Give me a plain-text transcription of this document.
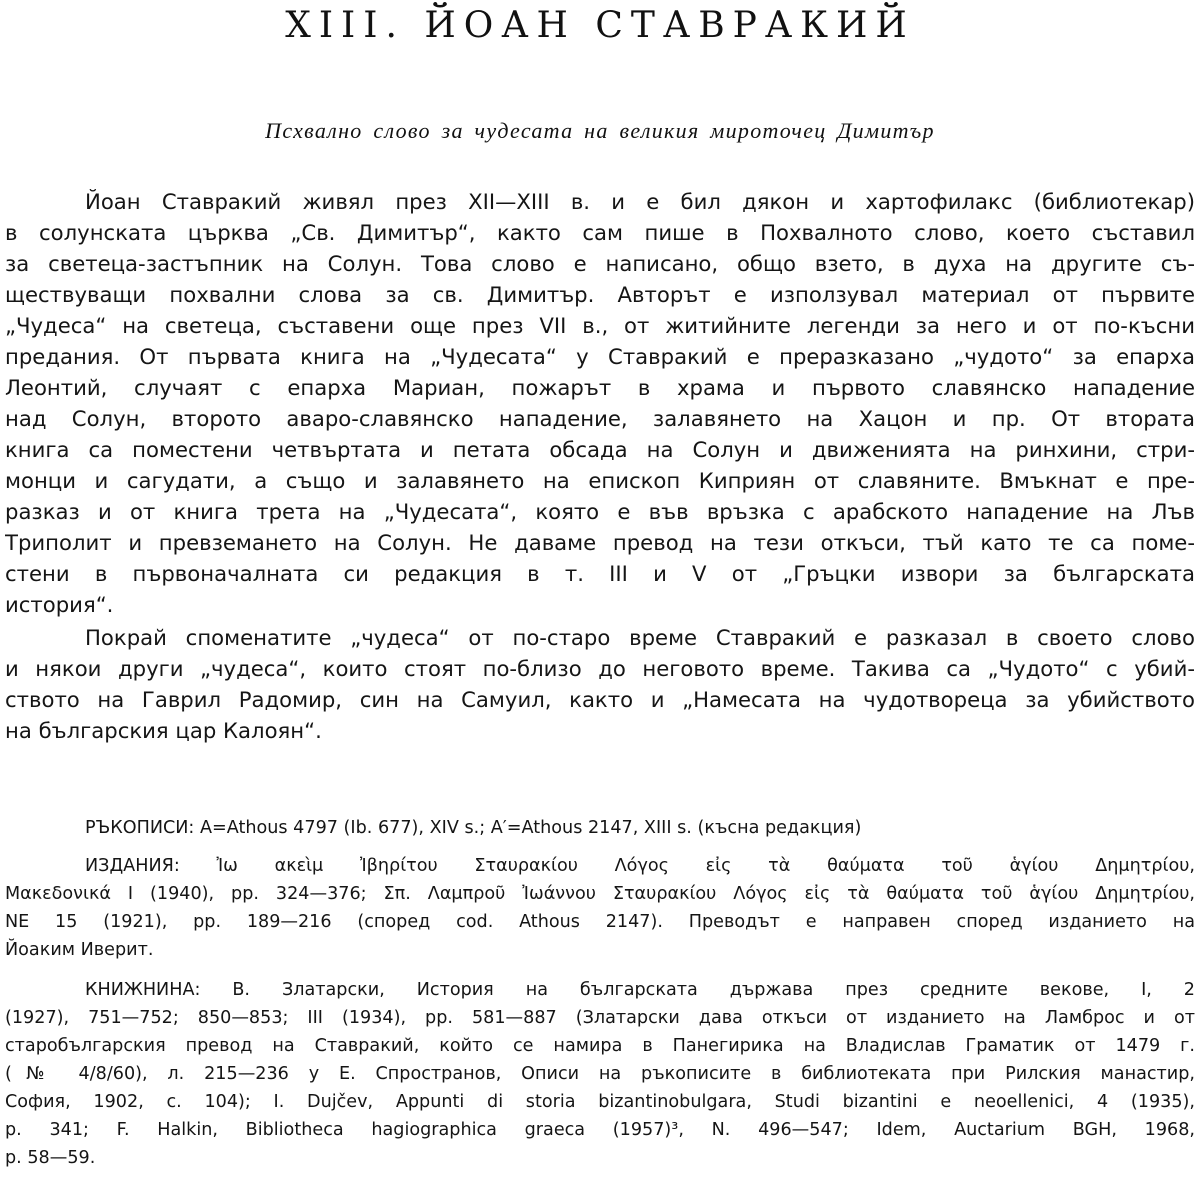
XIII. ЙОАН СТАВРАКИЙ
Псхвално слово за чудесата на великия мироточец Димитър
Йоан Ставракий живял през XII—XIII в. и е бил дякон и хартофилакс (библиотекар)
в солунската църква „Св. Димитър“, както сам пише в Похвалното слово, което съставил
за светеца-застъпник на Солун. Това слово е написано, общо взето, в духа на другите съ-
ществуващи похвални слова за св. Димитър. Авторът е използувал материал от първите
„Чудеса“ на светеца, съставени още през VII в., от житийните легенди за него и от по-късни
предания. От първата книга на „Чудесата“ у Ставракий е преразказано „чудото“ за епарха
Леонтий, случаят с епарха Мариан, пожарът в храма и първото славянско нападение
над Солун, второто аваро-славянско нападение, залавянето на Хацон и пр. От втората
книга са поместени четвъртата и петата обсада на Солун и движенията на ринхини, стри-
монци и сагудати, а също и залавянето на епископ Киприян от славяните. Вмъкнат е пре-
разказ и от книга трета на „Чудесата“, която е във връзка с арабското нападение на Лъв
Триполит и превземането на Солун. Не даваме превод на тези откъси, тъй като те са поме-
стени в първоначалната си редакция в т. III и V от „Гръцки извори за българската
история“.
Покрай споменатите „чудеса“ от по-старо време Ставракий е разказал в своето слово
и някои други „чудеса“, които стоят по-близо до неговото време. Такива са „Чудото“ с убий-
ството на Гаврил Радомир, син на Самуил, както и „Намесата на чудотвореца за убийството
на българския цар Калоян“.
РЪКОПИСИ: A=Athous 4797 (Ib. 677), XIV s.; A′=Athous 2147, XIII s. (късна редакция)
ИЗДАНИЯ: Ἰω ακεὶμ Ἰβηρίτου Σταυρακίου Λόγος εἰς τὰ θαύματα τοῦ ἁγίου Δημητρίου,
Μακεδονικά I (1940), pp. 324—376; Σπ. Λαμπροῦ Ἰωάννου Σταυρακίου Λόγος εἰς τὰ θαύματα τοῦ ἁγίου Δημητρίου,
ΝΕ 15 (1921), pp. 189—216 (според cod. Athous 2147). Преводът е направен според изданието на
Йоаким Иверит.
КНИЖНИНА: В. Златарски, История на българската държава през средните векове, I, 2
(1927), 751—752; 850—853; III (1934), pp. 581—887 (Златарски дава откъси от изданието на Ламброс и от
старобългарския превод на Ставракий, който се намира в Панегирика на Владислав Граматик от 1479 г.
(№ 4/8/60), л. 215—236 у Е. Спространов, Описи на ръкописите в библиотеката при Рилския манастир,
София, 1902, с. 104); I. Dujčev, Appunti di storia bizantinobulgara, Studi bizantini e neoellenici, 4 (1935),
p. 341; F. Halkin, Bibliotheca hagiographica graeca (1957)³, N. 496—547; Idem, Auctarium BGH, 1968,
p. 58—59.
